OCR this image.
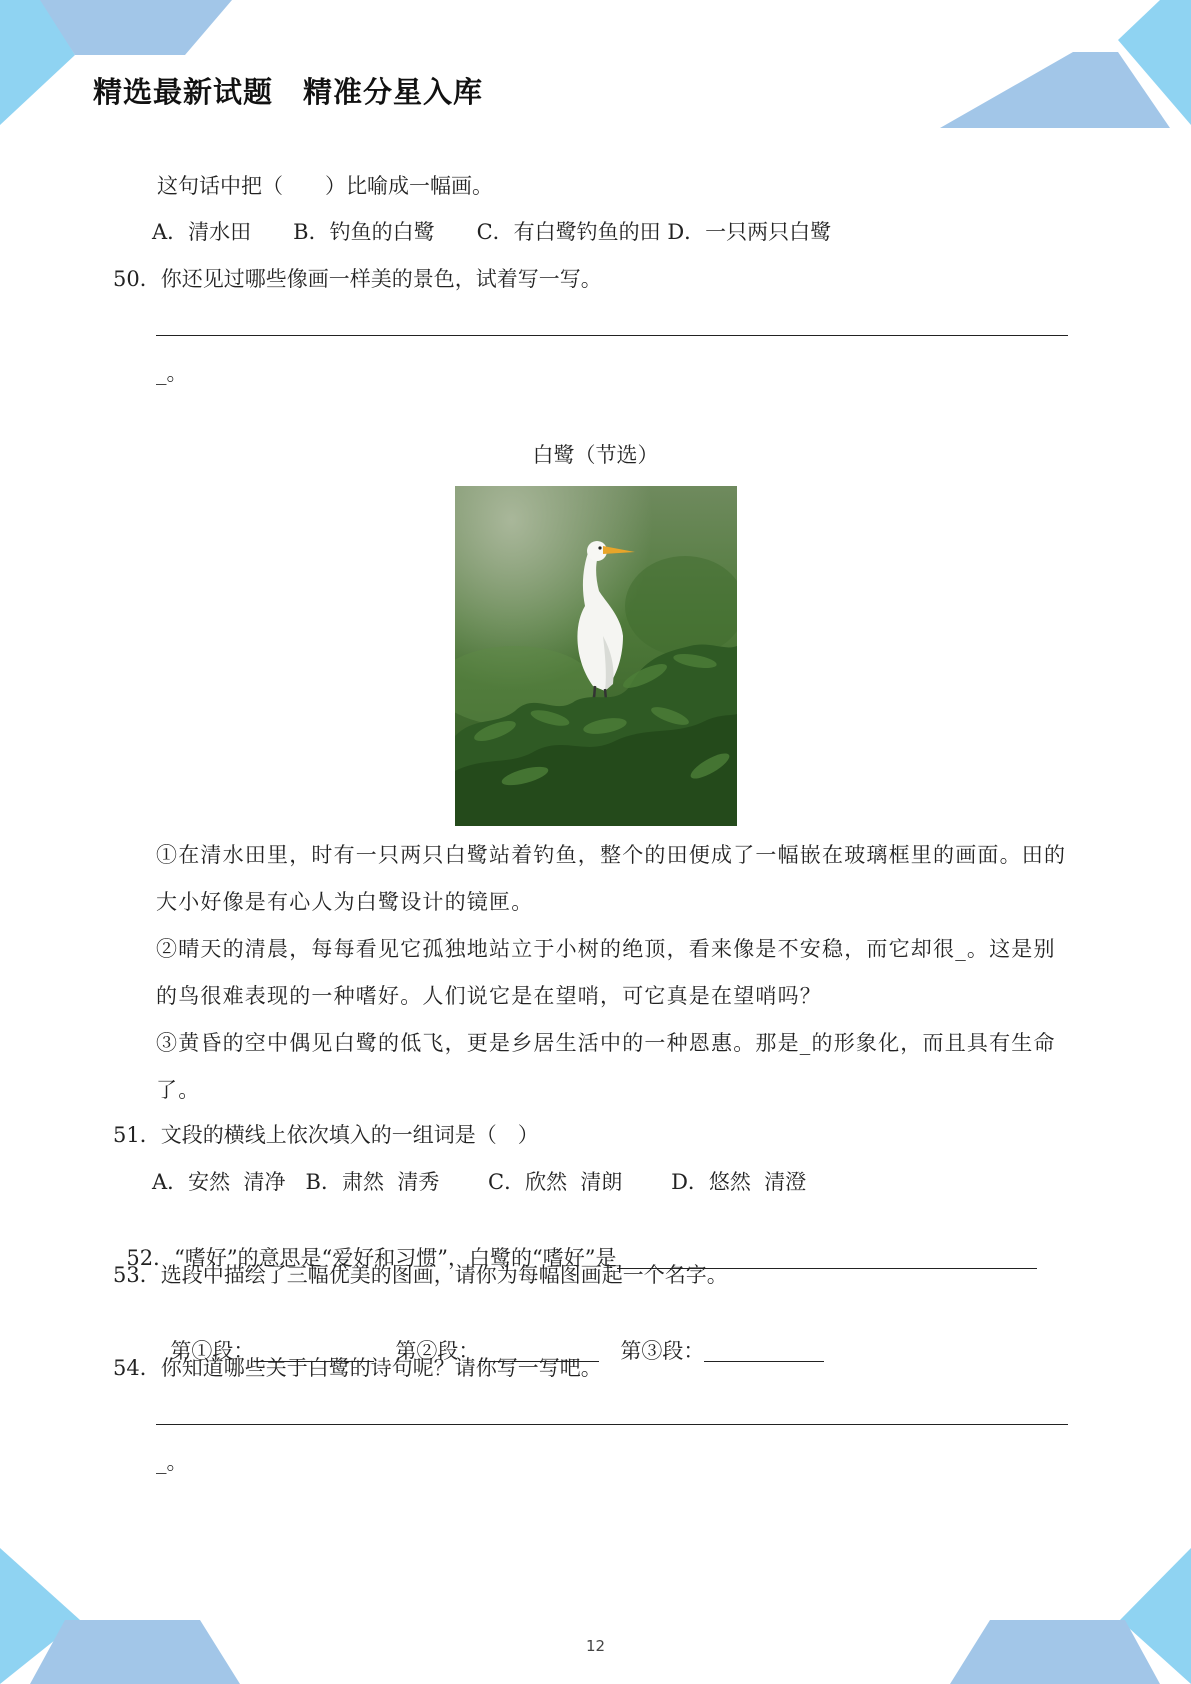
精选最新试题　精准分星入库
这句话中把（　　）比喻成一幅画。
A．清水田　　B．钓鱼的白鹭　　C．有白鹭钓鱼的田 D．一只两只白鹭
50．你还见过哪些像画一样美的景色，试着写一写。
_。
白鹭（节选）
①在清水田里，时有一只两只白鹭站着钓鱼，整个的田便成了一幅嵌在玻璃框里的画面。田的大小好像是有心人为白鹭设计的镜匣。
②晴天的清晨，每每看见它孤独地站立于小树的绝顶，看来像是不安稳，而它却很_。这是别的鸟很难表现的一种嗜好。人们说它是在望哨，可它真是在望哨吗？
③黄昏的空中偶见白鹭的低飞，更是乡居生活中的一种恩惠。那是_的形象化，而且具有生命了。
51．文段的横线上依次填入的一组词是（　）
A．安然  清净   B．肃然  清秀　　 C．欣然  清朗　　 D．悠然  清澄

52．“嗜好”的意思是“爱好和习惯”，白鹭的“嗜好”是

53．选段中描绘了三幅优美的图画，请你为每幅图画起一个名字。

第①段：　	第②段：　	第③段：

54．你知道哪些关于白鹭的诗句呢？请你写一写吧。
_。
12
